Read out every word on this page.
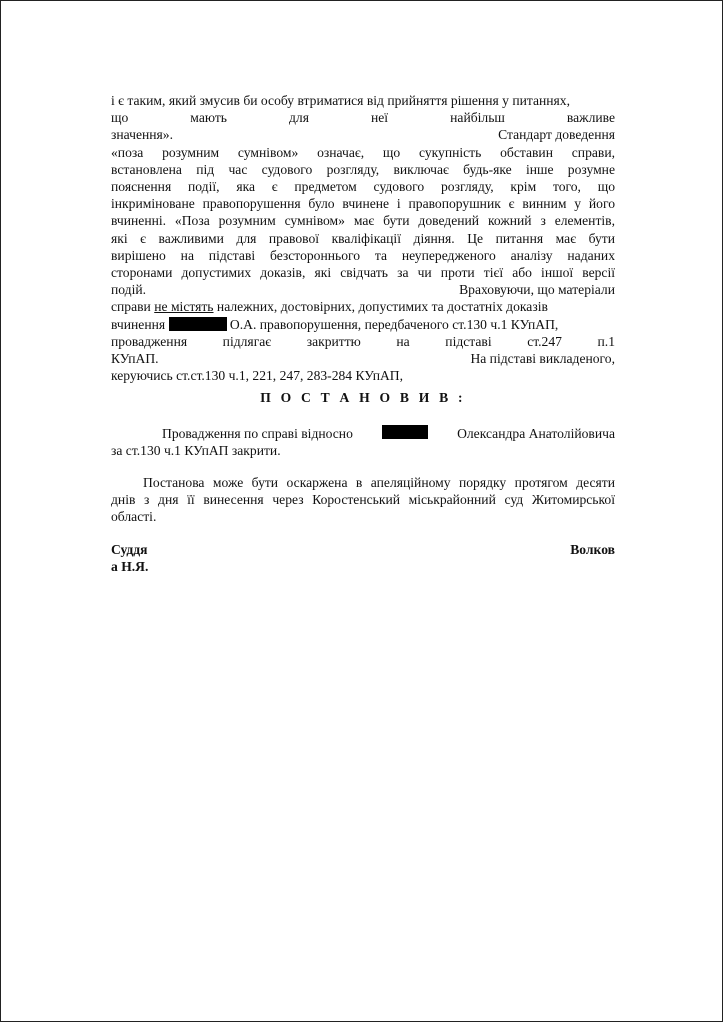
і є таким, який змусив би особу втриматися від прийняття рішення у питаннях,
що мають для неї найбільш важливе
значення».	Стандарт доведення
«поза розумним сумнівом» означає, що сукупність обставин справи,
встановлена під час судового розгляду, виключає будь-яке інше розумне
пояснення події, яка є предметом судового розгляду, крім того, що
інкриміноване правопорушення було вчинене і правопорушник є винним у його
вчиненні. «Поза розумним сумнівом» має бути доведений кожний з елементів,
які є важливими для правової кваліфікації діяння. Це питання має бути
вирішено на підставі безстороннього та неупередженого аналізу наданих
сторонами допустимих доказів, які свідчать за чи проти тієї або іншої версії
подій.	Враховуючи, що матеріали
справи не містять належних, достовірних, допустимих та достатніх доказів
вчинення	О.А. правопорушення, передбаченого ст.130 ч.1 КУпАП,
провадження підлягає закриттю на підставі ст.247 п.1
КУпАП.	На підставі викладеного,
керуючись ст.ст.130 ч.1, 221, 247, 283-284 КУпАП,
П О С Т А Н О В И В :
Провадження по справі відносно	Олександра Анатолійовича
за ст.130 ч.1 КУпАП закрити.
Постанова може бути оскаржена в апеляційному порядку протягом десяти
днів з дня її винесення через Коростенський міськрайонний суд Житомирської
області.
Суддя	Волков
а Н.Я.
